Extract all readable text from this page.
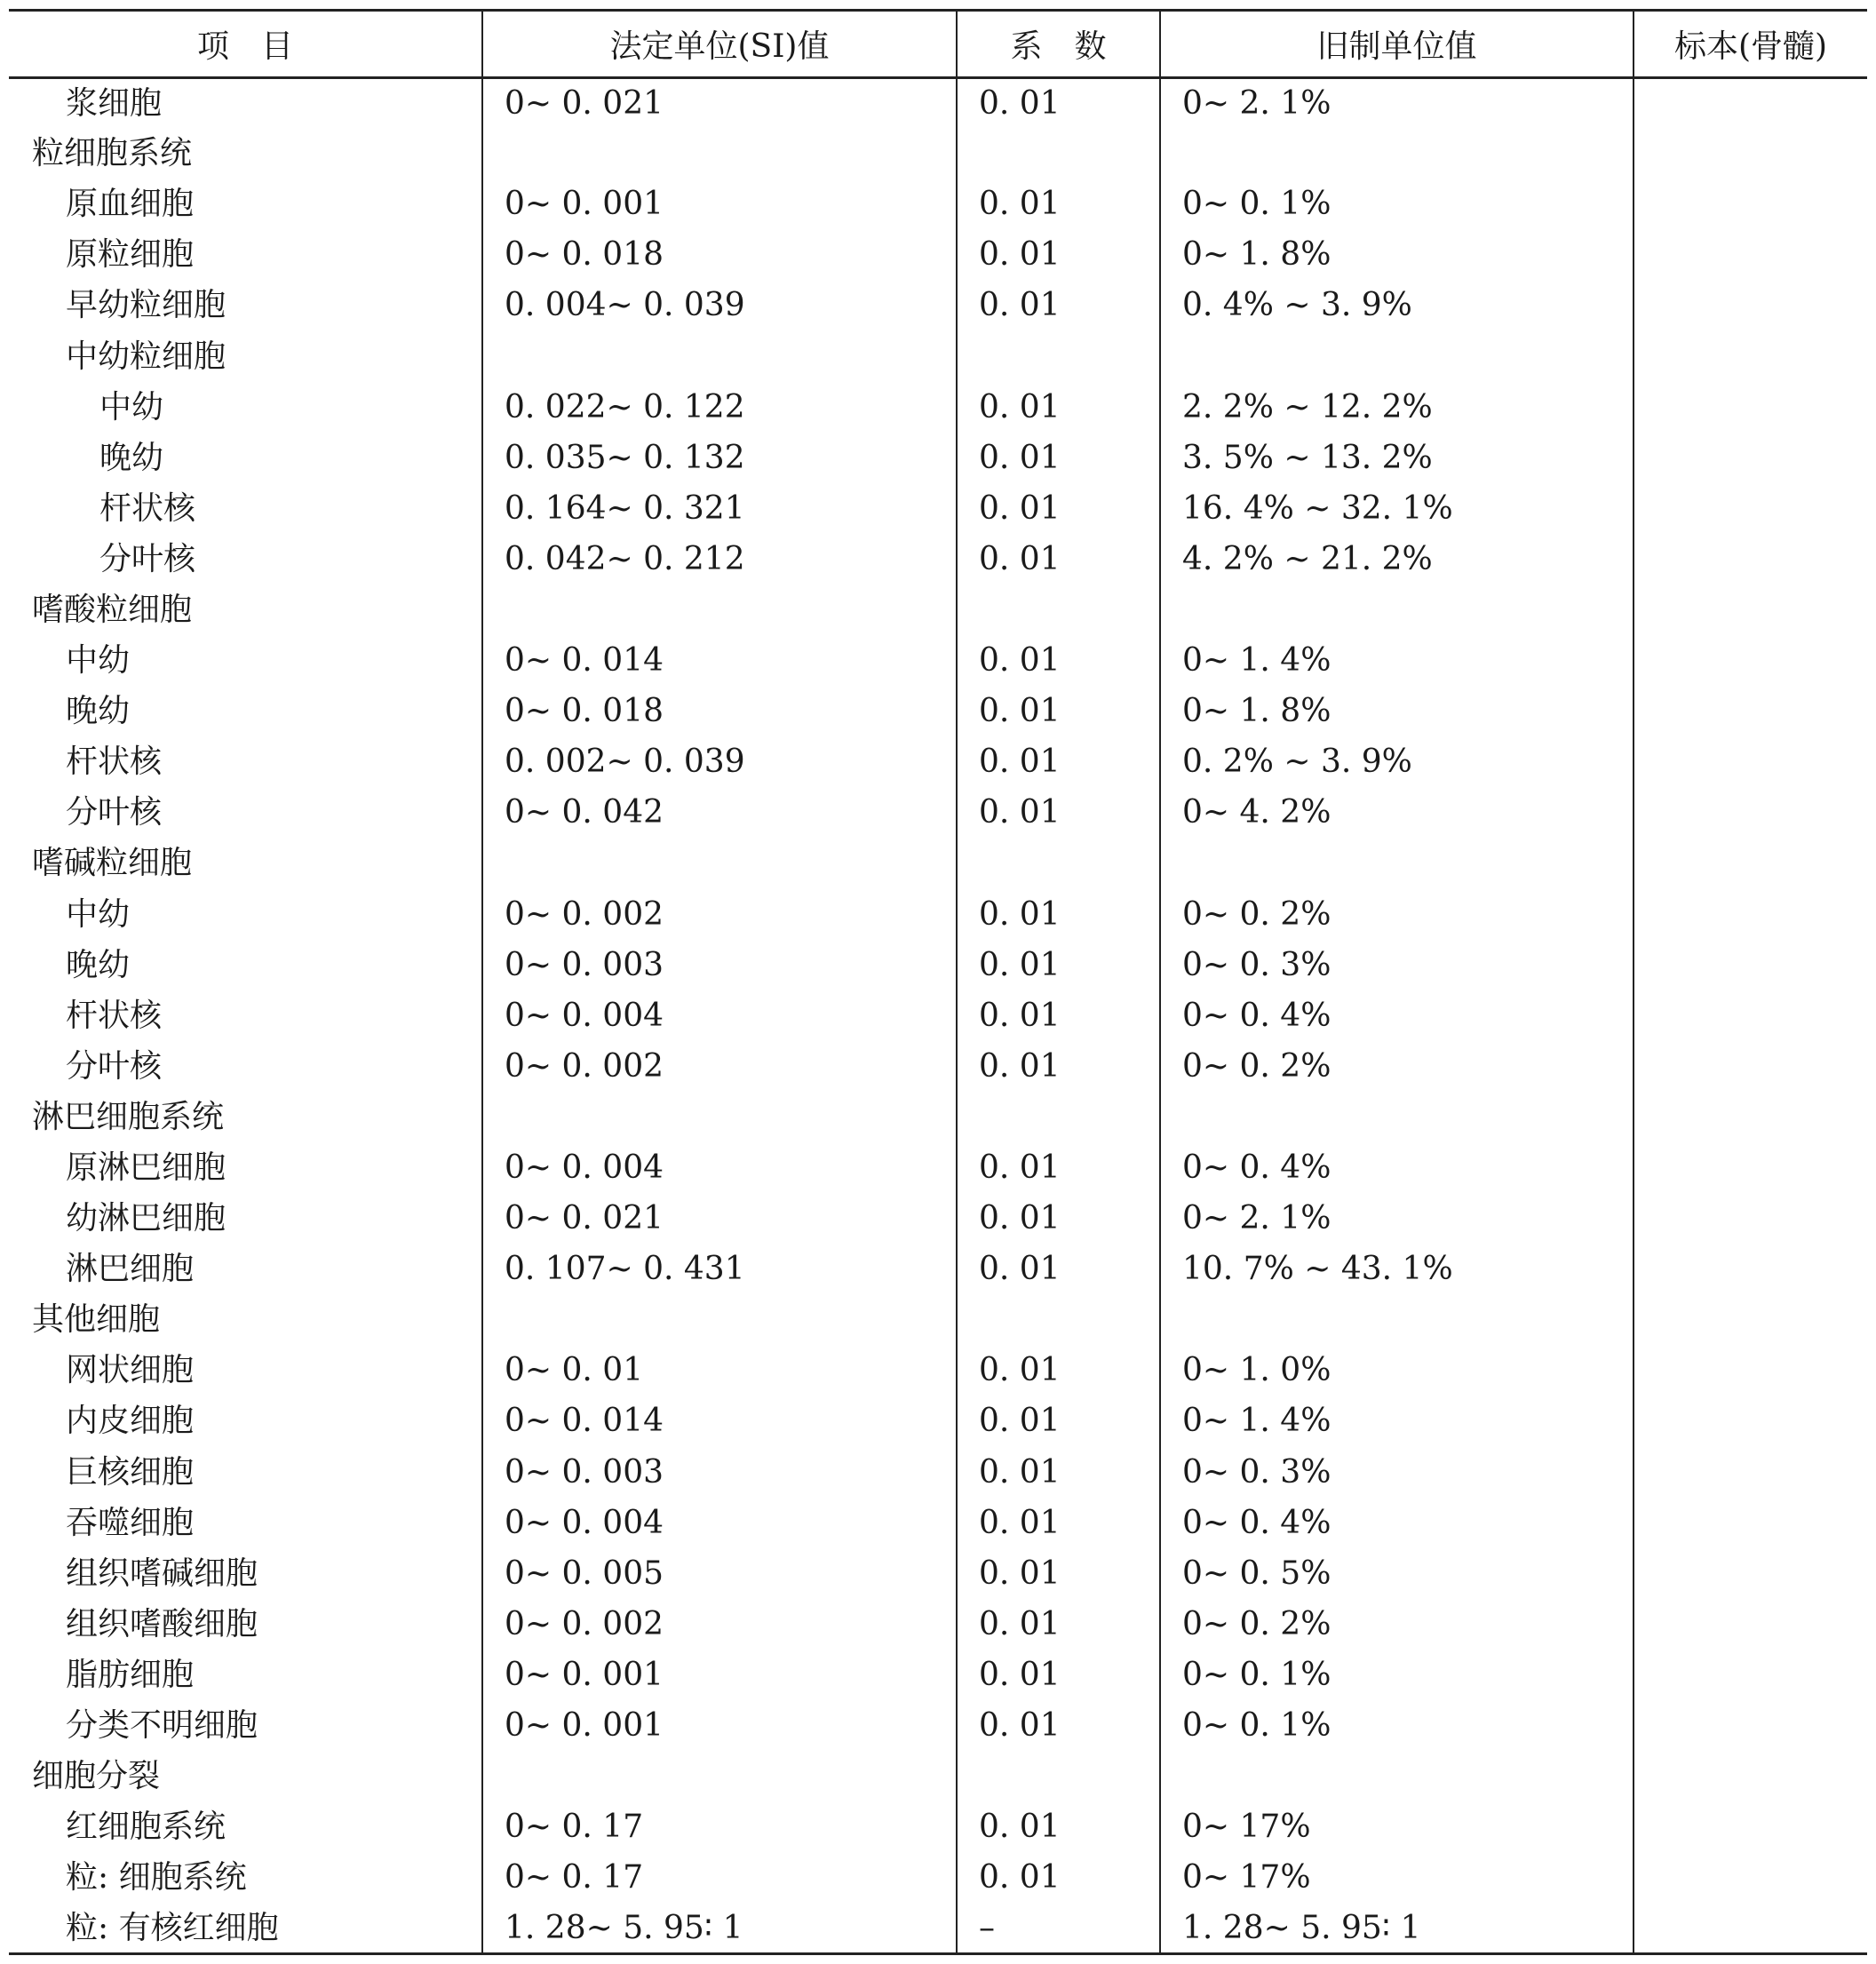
项　目	法定单位(SI)值	系　数	旧制单位值	标本(骨髓)
浆细胞	0~ 0. 021	0. 01	0~ 2. 1%	
粒细胞系统				
原血细胞	0~ 0. 001	0. 01	0~ 0. 1%	
原粒细胞	0~ 0. 018	0. 01	0~ 1. 8%	
早幼粒细胞	0. 004~ 0. 039	0. 01	0. 4% ~ 3. 9%	
中幼粒细胞				
中幼	0. 022~ 0. 122	0. 01	2. 2% ~ 12. 2%	
晚幼	0. 035~ 0. 132	0. 01	3. 5% ~ 13. 2%	
杆状核	0. 164~ 0. 321	0. 01	16. 4% ~ 32. 1%	
分叶核	0. 042~ 0. 212	0. 01	4. 2% ~ 21. 2%	
嗜酸粒细胞				
中幼	0~ 0. 014	0. 01	0~ 1. 4%	
晚幼	0~ 0. 018	0. 01	0~ 1. 8%	
杆状核	0. 002~ 0. 039	0. 01	0. 2% ~ 3. 9%	
分叶核	0~ 0. 042	0. 01	0~ 4. 2%	
嗜碱粒细胞				
中幼	0~ 0. 002	0. 01	0~ 0. 2%	
晚幼	0~ 0. 003	0. 01	0~ 0. 3%	
杆状核	0~ 0. 004	0. 01	0~ 0. 4%	
分叶核	0~ 0. 002	0. 01	0~ 0. 2%	
淋巴细胞系统				
原淋巴细胞	0~ 0. 004	0. 01	0~ 0. 4%	
幼淋巴细胞	0~ 0. 021	0. 01	0~ 2. 1%	
淋巴细胞	0. 107~ 0. 431	0. 01	10. 7% ~ 43. 1%	
其他细胞				
网状细胞	0~ 0. 01	0. 01	0~ 1. 0%	
内皮细胞	0~ 0. 014	0. 01	0~ 1. 4%	
巨核细胞	0~ 0. 003	0. 01	0~ 0. 3%	
吞噬细胞	0~ 0. 004	0. 01	0~ 0. 4%	
组织嗜碱细胞	0~ 0. 005	0. 01	0~ 0. 5%	
组织嗜酸细胞	0~ 0. 002	0. 01	0~ 0. 2%	
脂肪细胞	0~ 0. 001	0. 01	0~ 0. 1%	
分类不明细胞	0~ 0. 001	0. 01	0~ 0. 1%	
细胞分裂				
红细胞系统	0~ 0. 17	0. 01	0~ 17%	
粒: 细胞系统	0~ 0. 17	0. 01	0~ 17%	
粒: 有核红细胞	1. 28~ 5. 95∶ 1	–	1. 28~ 5. 95∶ 1	
